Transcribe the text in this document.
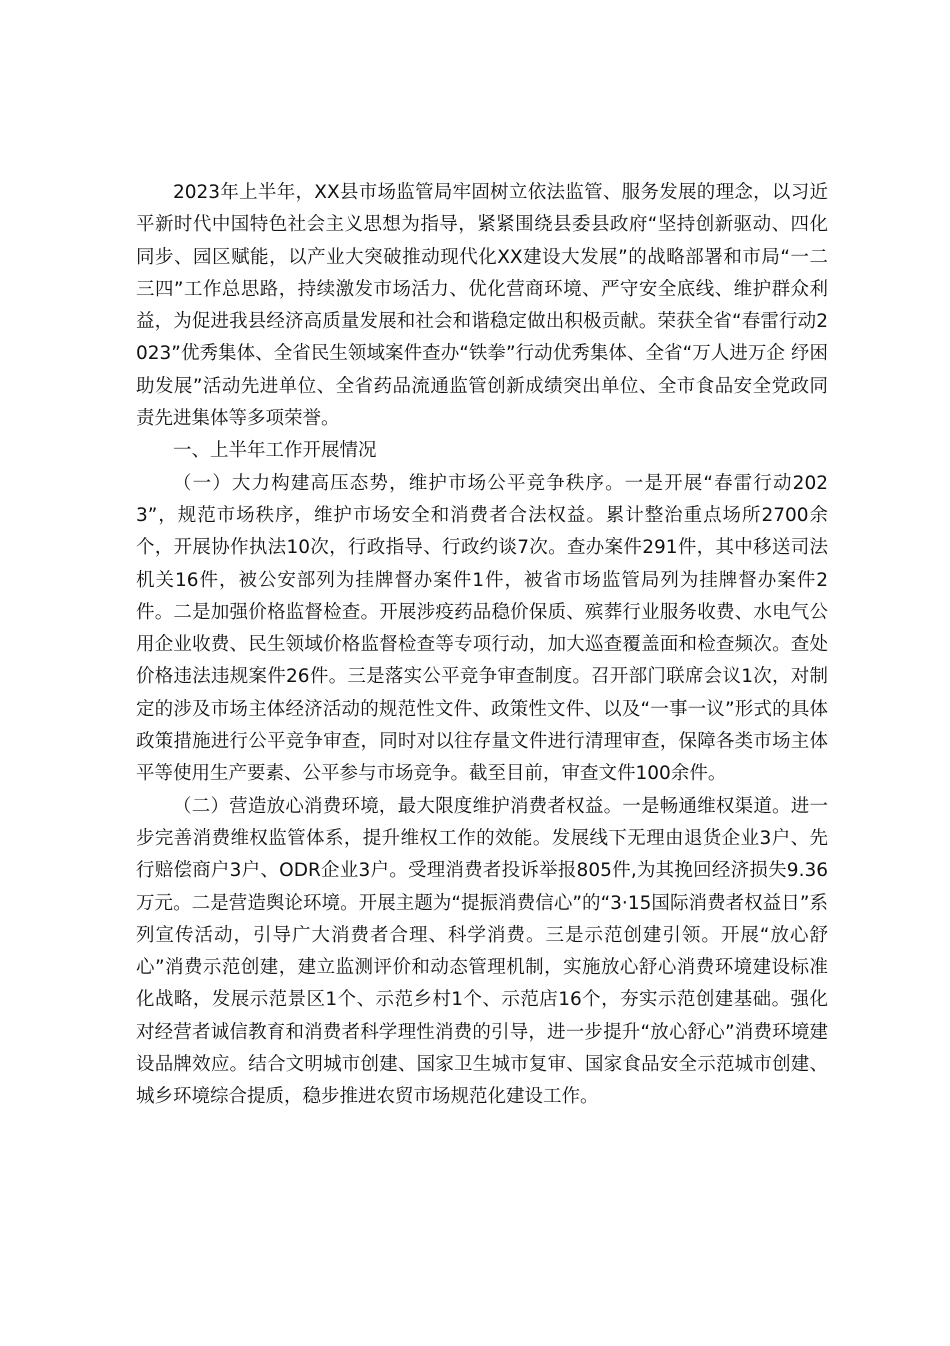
2023年上半年，XX县市场监管局牢固树立依法监管、服务发展的理念，以习近平新时代中国特色社会主义思想为指导，紧紧围绕县委县政府“坚持创新驱动、四化同步、园区赋能，以产业大突破推动现代化XX建设大发展”的战略部署和市局“一二三四”工作总思路，持续激发市场活力、优化营商环境、严守安全底线、维护群众利益，为促进我县经济高质量发展和社会和谐稳定做出积极贡献。荣获全省“春雷行动2023”优秀集体、全省民生领域案件查办“铁拳”行动优秀集体、全省“万人进万企 纾困助发展”活动先进单位、全省药品流通监管创新成绩突出单位、全市食品安全党政同责先进集体等多项荣誉。

一、上半年工作开展情况

（一）大力构建高压态势，维护市场公平竞争秩序。一是开展“春雷行动2023”，规范市场秩序，维护市场安全和消费者合法权益。累计整治重点场所2700余个，开展协作执法10次，行政指导、行政约谈7次。查办案件291件，其中移送司法机关16件，被公安部列为挂牌督办案件1件，被省市场监管局列为挂牌督办案件2件。二是加强价格监督检查。开展涉疫药品稳价保质、殡葬行业服务收费、水电气公用企业收费、民生领域价格监督检查等专项行动，加大巡查覆盖面和检查频次。查处价格违法违规案件26件。三是落实公平竞争审查制度。召开部门联席会议1次，对制定的涉及市场主体经济活动的规范性文件、政策性文件、以及“一事一议”形式的具体政策措施进行公平竞争审查，同时对以往存量文件进行清理审查，保障各类市场主体平等使用生产要素、公平参与市场竞争。截至目前，审查文件100余件。

（二）营造放心消费环境，最大限度维护消费者权益。一是畅通维权渠道。进一步完善消费维权监管体系，提升维权工作的效能。发展线下无理由退货企业3户、先行赔偿商户3户、ODR企业3户。受理消费者投诉举报805件,为其挽回经济损失9.36万元。二是营造舆论环境。开展主题为“提振消费信心”的“3·15国际消费者权益日”系列宣传活动，引导广大消费者合理、科学消费。三是示范创建引领。开展“放心舒心”消费示范创建，建立监测评价和动态管理机制，实施放心舒心消费环境建设标准化战略，发展示范景区1个、示范乡村1个、示范店16个，夯实示范创建基础。强化对经营者诚信教育和消费者科学理性消费的引导，进一步提升“放心舒心”消费环境建设品牌效应。结合文明城市创建、国家卫生城市复审、国家食品安全示范城市创建、城乡环境综合提质，稳步推进农贸市场规范化建设工作。
